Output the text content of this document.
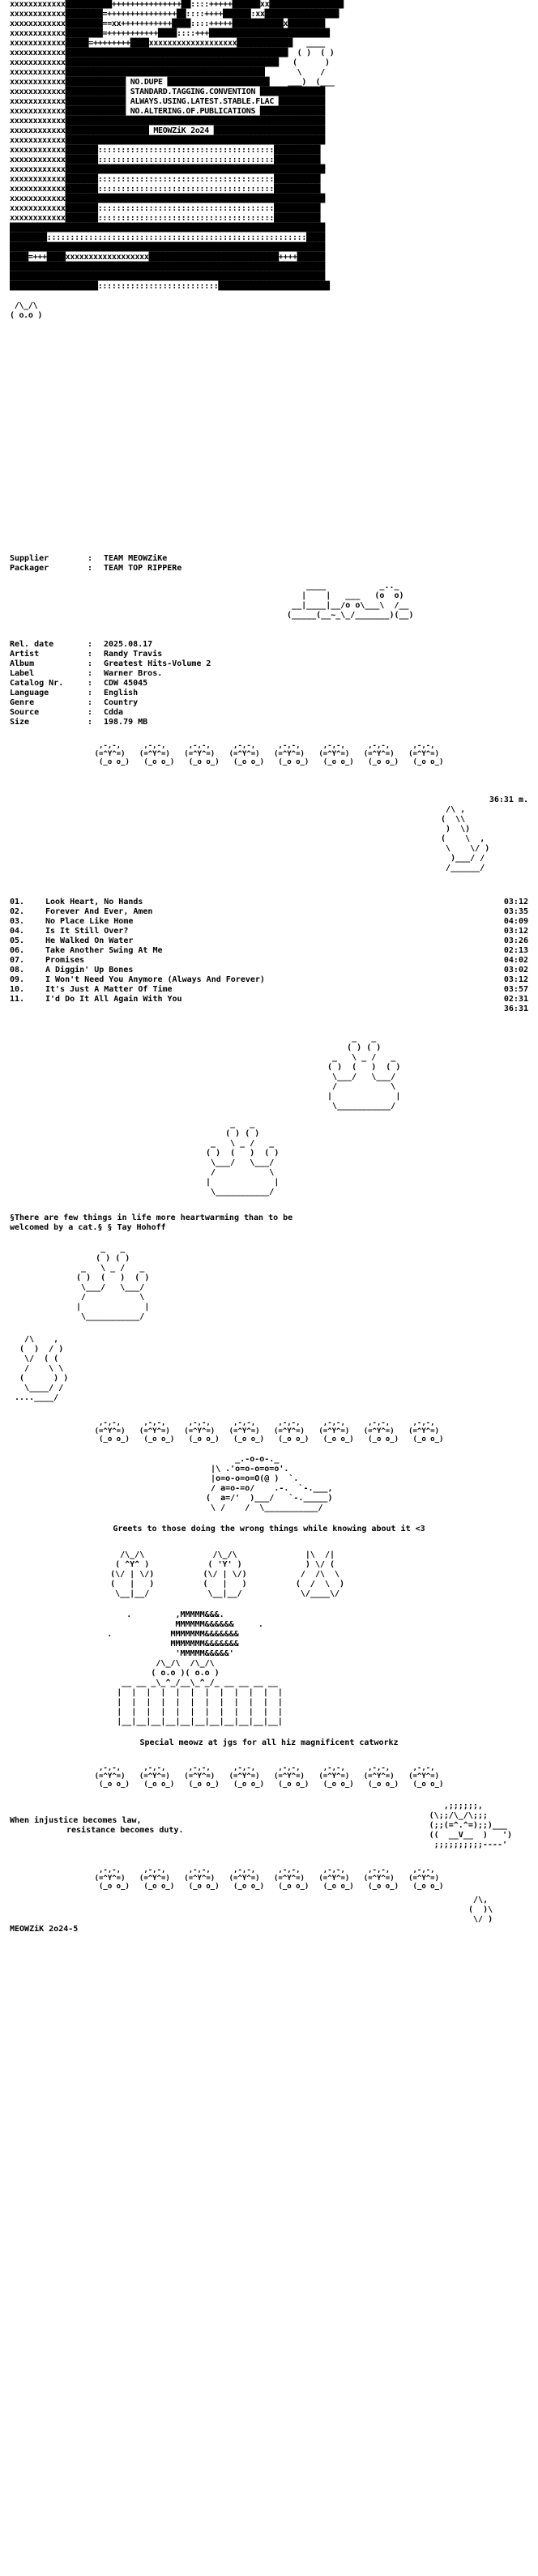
xxxxxxxxxxxx██████████+++++++++++++++██::::+++++██████xx████████████████
xxxxxxxxxxxx████████=+++++++++++++++██::::++++██████:xx████████████████
xxxxxxxxxxxx████████==xx+++++++++++████::::+++++███████████x████████
xxxxxxxxxxxx████████=+++++++++++████::::+++██████████████████████████
xxxxxxxxxxxx█████=++++++++████xxxxxxxxxxxxxxxxxxx████████████   ____
xxxxxxxxxxxx████████████████████████████████████████████████  ( )  ( )
xxxxxxxxxxxx██████████████████████████████████████████████   (      )
xxxxxxxxxxxx███████████████████████████████████████████       \    /
xxxxxxxxxxxx█████████████ NO.DUPE ██████████████████████    ___)  (___
xxxxxxxxxxxx█████████████ STANDARD.TAGGING.CONVENTION ██████████████
xxxxxxxxxxxx█████████████ ALWAYS.USING.LATEST.STABLE.FLAC ██████████
xxxxxxxxxxxx█████████████ NO.ALTERING.OF.PUBLICATIONS ██████████████
xxxxxxxxxxxx████████████████████████████████████████████████████████
xxxxxxxxxxxx██████████████████ MEOWZiK 2o24 ████████████████████████
xxxxxxxxxxxx████████████████████████████████████████████████████████
xxxxxxxxxxxx███████::::::::::::::::::::::::::::::::::::::██████████
xxxxxxxxxxxx███████::::::::::::::::::::::::::::::::::::::██████████
xxxxxxxxxxxx████████████████████████████████████████████████████████
xxxxxxxxxxxx███████::::::::::::::::::::::::::::::::::::::██████████
xxxxxxxxxxxx███████::::::::::::::::::::::::::::::::::::::██████████
xxxxxxxxxxxx████████████████████████████████████████████████████████
xxxxxxxxxxxx███████::::::::::::::::::::::::::::::::::::::██████████
xxxxxxxxxxxx███████::::::::::::::::::::::::::::::::::::::██████████
████████████████████████████████████████████████████████████████████
████████::::::::::::::::::::::::::::::::::::::::::::::::::::::::████
████████████████████████████████████████████████████████████████████
████=+++████xxxxxxxxxxxxxxxxxx████████████████████████████++++██████
████████████████████████████████████████████████████████████████████
████████████████████████████████████████████████████████████████████
███████████████████::::::::::::::::::::::::::████████████████████████

/\_/\
( o.o )
Supplier	:	TEAM MEOWZiKe
Packager	:	TEAM TOP RIPPERe
____           _.._
|    |   ___   (o  o)
__|____|__/o o\___\  /__
(_____(__~_\_/_______)(__)
Rel. date	:	2025.08.17
Artist	:	Randy Travis
Album	:	Greatest Hits-Volume 2
Label	:	Warner Bros.
Catalog Nr.	:	CDW 45045
Language	:	English
Genre	:	Country
Source	:	Cdda
Size	:	198.79 MB
,-,-,
(=^Y^=)
(_o o_)
,-,-,
(=^Y^=)
(_o o_)
,-,-,
(=^Y^=)
(_o o_)
,-,-,
(=^Y^=)
(_o o_)
,-,-,
(=^Y^=)
(_o o_)
,-,-,
(=^Y^=)
(_o o_)
,-,-,
(=^Y^=)
(_o o_)
,-,-,
(=^Y^=)
(_o o_)
36:31 m.
/\ ,
(  \\
)  \)
(    \  ,
\    \/ )
)___/ /
/______/
01.	Look Heart, No Hands	03:12
02.	Forever And Ever, Amen	03:35
03.	No Place Like Home	04:09
04.	Is It Still Over?	03:12
05.	He Walked On Water	03:26
06.	Take Another Swing At Me	02:13
07.	Promises	04:02
08.	A Diggin' Up Bones	03:02
09.	I Won't Need You Anymore (Always And Forever)	03:12
10.	It's Just A Matter Of Time	03:57
11.	I'd Do It All Again With You	02:31
36:31
_   _
( ) ( )
_   \ _ /   _
( )  (   )  ( )
\___/   \___/
/           \
|             |
\___________/
_   _
( ) ( )
_   \ _ /   _
( )  (   )  ( )
\___/   \___/
/           \
|             |
\___________/
§There are few things in life more heartwarming than to be
welcomed by a cat.§ § Tay Hohoff
_   _
( ) ( )
_   \ _ /   _
( )  (   )  ( )
\___/   \___/
/           \
|             |
\___________/
/\    ,
(  )  / )
\/  ( (
/    \ \
(      ) )
\____/ /
....____/
,-,-,
(=^Y^=)
(_o o_)
,-,-,
(=^Y^=)
(_o o_)
,-,-,
(=^Y^=)
(_o o_)
,-,-,
(=^Y^=)
(_o o_)
,-,-,
(=^Y^=)
(_o o_)
,-,-,
(=^Y^=)
(_o o_)
,-,-,
(=^Y^=)
(_o o_)
,-,-,
(=^Y^=)
(_o o_)
_.-o-o-._
|\ .'o=o-o=o=o'.
|o=o-o=o=O(@ )  `.
/ a=o-=o/    .-.  `-.___,
(  a=/'  )___/   `-._____)
\ /    /  \___________/
Greets to those doing the wrong things while knowing about it <3
/\_/\              /\_/\              |\  /|
( ^Y^ )            ( 'Y' )             ) \/ (
(\/ | \/)          (\/ | \/)           /  /\  \
(   |   )          (   |   )          (  /  \  )
\__|__/            \__|__/            \/____\/
.         ,MMMMM&&&.
MMMMMM&&&&&&     .
.            MMMMMMM&&&&&&&
MMMMMMM&&&&&&&
'MMMMM&&&&&'
/\_/\  /\_/\
( o.o )( o.o )
__ __ _\_^_/__\_^_/_ __ __ __ __
|  |  |  |  |  |  |  |  |  |  |  |
|  |  |  |  |  |  |  |  |  |  |  |
|  |  |  |  |  |  |  |  |  |  |  |
|__|__|__|__|__|__|__|__|__|__|__|
Special meowz at jgs for all hiz magnificent catworkz
,-,-,
(=^Y^=)
(_o o_)
,-,-,
(=^Y^=)
(_o o_)
,-,-,
(=^Y^=)
(_o o_)
,-,-,
(=^Y^=)
(_o o_)
,-,-,
(=^Y^=)
(_o o_)
,-,-,
(=^Y^=)
(_o o_)
,-,-,
(=^Y^=)
(_o o_)
,-,-,
(=^Y^=)
(_o o_)
When injustice becomes law,
resistance becomes duty.
,;;;;;;,
(\;;/\_/\;;;
(;;(=^.^=);;)___
((  __V__  )   ')
;;;;;;;;;;----'
,-,-,
(=^Y^=)
(_o o_)
,-,-,
(=^Y^=)
(_o o_)
,-,-,
(=^Y^=)
(_o o_)
,-,-,
(=^Y^=)
(_o o_)
,-,-,
(=^Y^=)
(_o o_)
,-,-,
(=^Y^=)
(_o o_)
,-,-,
(=^Y^=)
(_o o_)
,-,-,
(=^Y^=)
(_o o_)
/\,
(  )\
\/ )
MEOWZiK 2o24-5
